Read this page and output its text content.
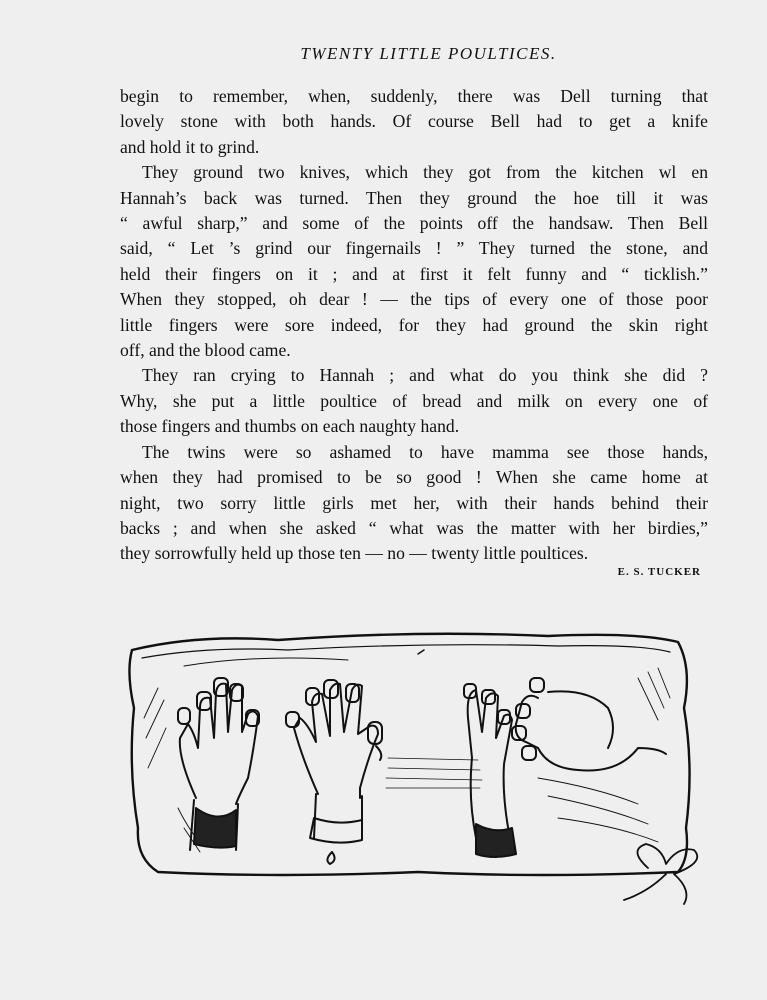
TWENTY LITTLE POULTICES.
begin to remember, when, suddenly, there was Dell turning that
lovely stone with both hands. Of course Bell had to get a knife
and hold it to grind.
They ground two knives, which they got from the kitchen wl en
Hannah’s back was turned. Then they ground the hoe till it was
“ awful sharp,” and some of the points off the handsaw. Then Bell
said, “ Let ’s grind our fingernails ! ” They turned the stone, and
held their fingers on it ; and at first it felt funny and “ ticklish.”
When they stopped, oh dear ! — the tips of every one of those poor
little fingers were sore indeed, for they had ground the skin right
off, and the blood came.
They ran crying to Hannah ; and what do you think she did ?
Why, she put a little poultice of bread and milk on every one of
those fingers and thumbs on each naughty hand.
The twins were so ashamed to have mamma see those hands,
when they had promised to be so good ! When she came home at
night, two sorry little girls met her, with their hands behind their
backs ; and when she asked “ what was the matter with her birdies,”
they sorrowfully held up those ten — no — twenty little poultices.
E. S. TUCKER
